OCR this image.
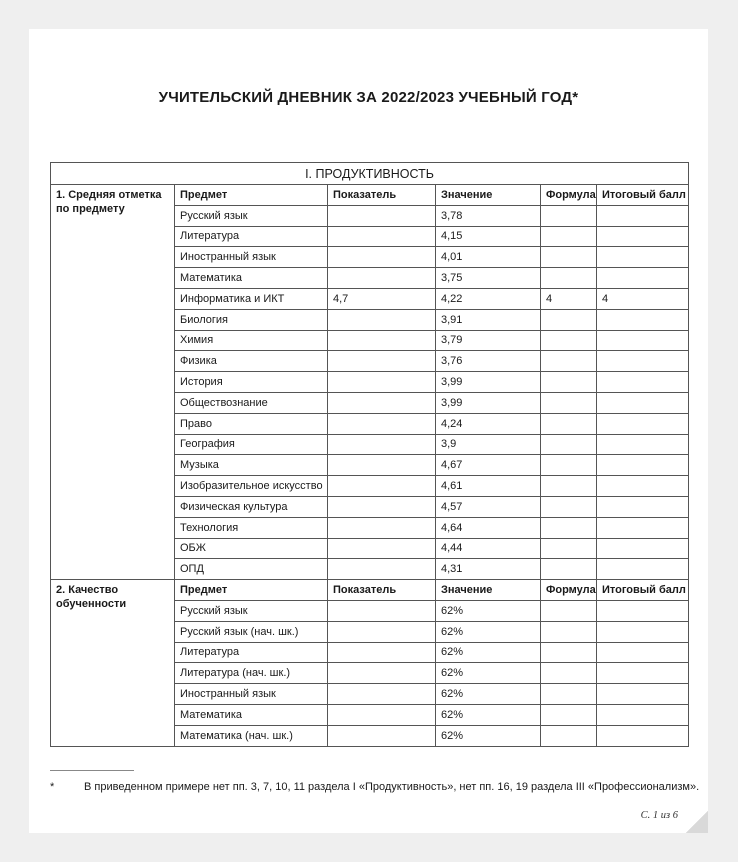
УЧИТЕЛЬСКИЙ ДНЕВНИК ЗА 2022/2023 УЧЕБНЫЙ ГОД*
I. ПРОДУКТИВНОСТЬ					
1. Средняя отметка по предмету	Предмет	Показатель	Значение	Формула	Итоговый балл
	Русский язык		3,78		
	Литература		4,15		
	Иностранный язык		4,01		
	Математика		3,75		
	Информатика и ИКТ	4,7	4,22	4	4
	Биология		3,91		
	Химия		3,79		
	Физика		3,76		
	История		3,99		
	Обществознание		3,99		
	Право		4,24		
	География		3,9		
	Музыка		4,67		
	Изобразительное искусство		4,61		
	Физическая культура		4,57		
	Технология		4,64		
	ОБЖ		4,44		
	ОПД		4,31		
2. Качество обученности	Предмет	Показатель	Значение	Формула	Итоговый балл
	Русский язык		62%		
	Русский язык (нач. шк.)		62%		
	Литература		62%		
	Литература (нач. шк.)		62%		
	Иностранный язык		62%		
	Математика		62%		
	Математика (нач. шк.)		62%		
*	В приведенном примере нет пп. 3, 7, 10, 11 раздела I «Продуктивность», нет пп. 16, 19 раздела III «Профессионализм».
С. 1 из 6
